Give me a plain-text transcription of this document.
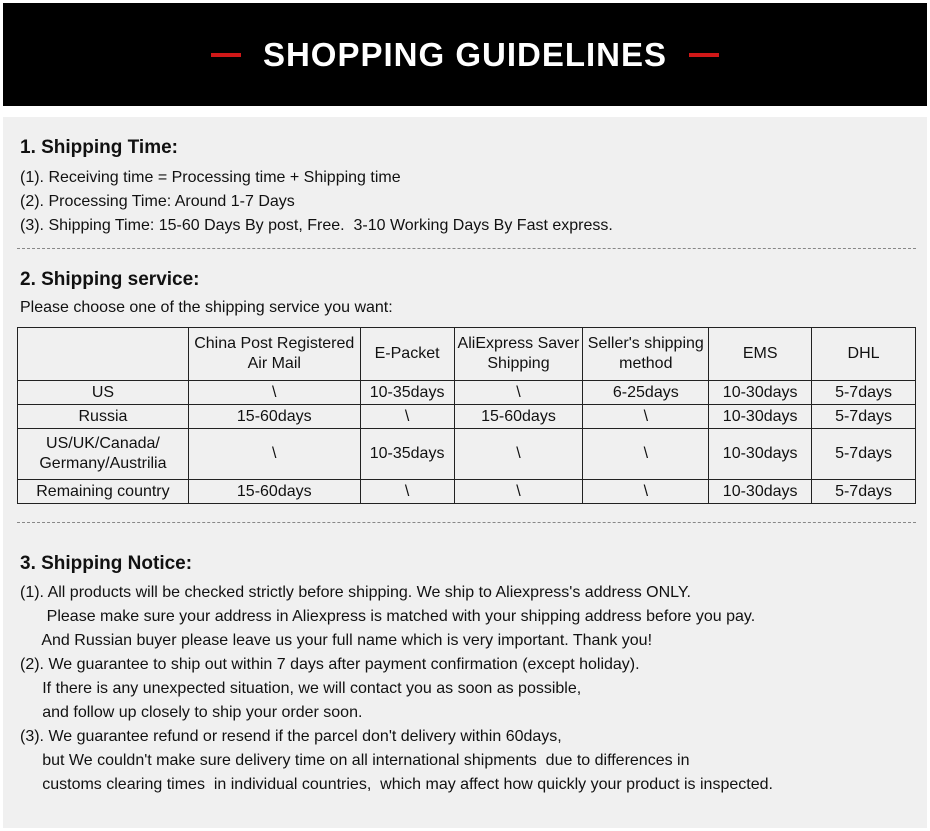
SHOPPING GUIDELINES
1. Shipping Time:

(1). Receiving time = Processing time + Shipping time

(2). Processing Time: Around 1-7 Days

(3). Shipping Time: 15-60 Days By post, Free.  3-10 Working Days By Fast express.

2. Shipping service:

Please choose one of the shipping service you want:

	China Post Registered Air Mail	E-Packet	AliExpress Saver Shipping	Seller's shipping method	EMS	DHL
US	\	10-35days	\	6-25days	10-30days	5-7days
Russia	15-60days	\	15-60days	\	10-30days	5-7days
US/UK/Canada/ Germany/Austrilia	\	10-35days	\	\	10-30days	5-7days
Remaining country	15-60days	\	\	\	10-30days	5-7days
3. Shipping Notice:

(1). All products will be checked strictly before shipping. We ship to Aliexpress's address ONLY.

Please make sure your address in Aliexpress is matched with your shipping address before you pay.

And Russian buyer please leave us your full name which is very important. Thank you!

(2). We guarantee to ship out within 7 days after payment confirmation (except holiday).

If there is any unexpected situation, we will contact you as soon as possible,

and follow up closely to ship your order soon.

(3). We guarantee refund or resend if the parcel don't delivery within 60days,

but We couldn't make sure delivery time on all international shipments  due to differences in

customs clearing times  in individual countries,  which may affect how quickly your product is inspected.
